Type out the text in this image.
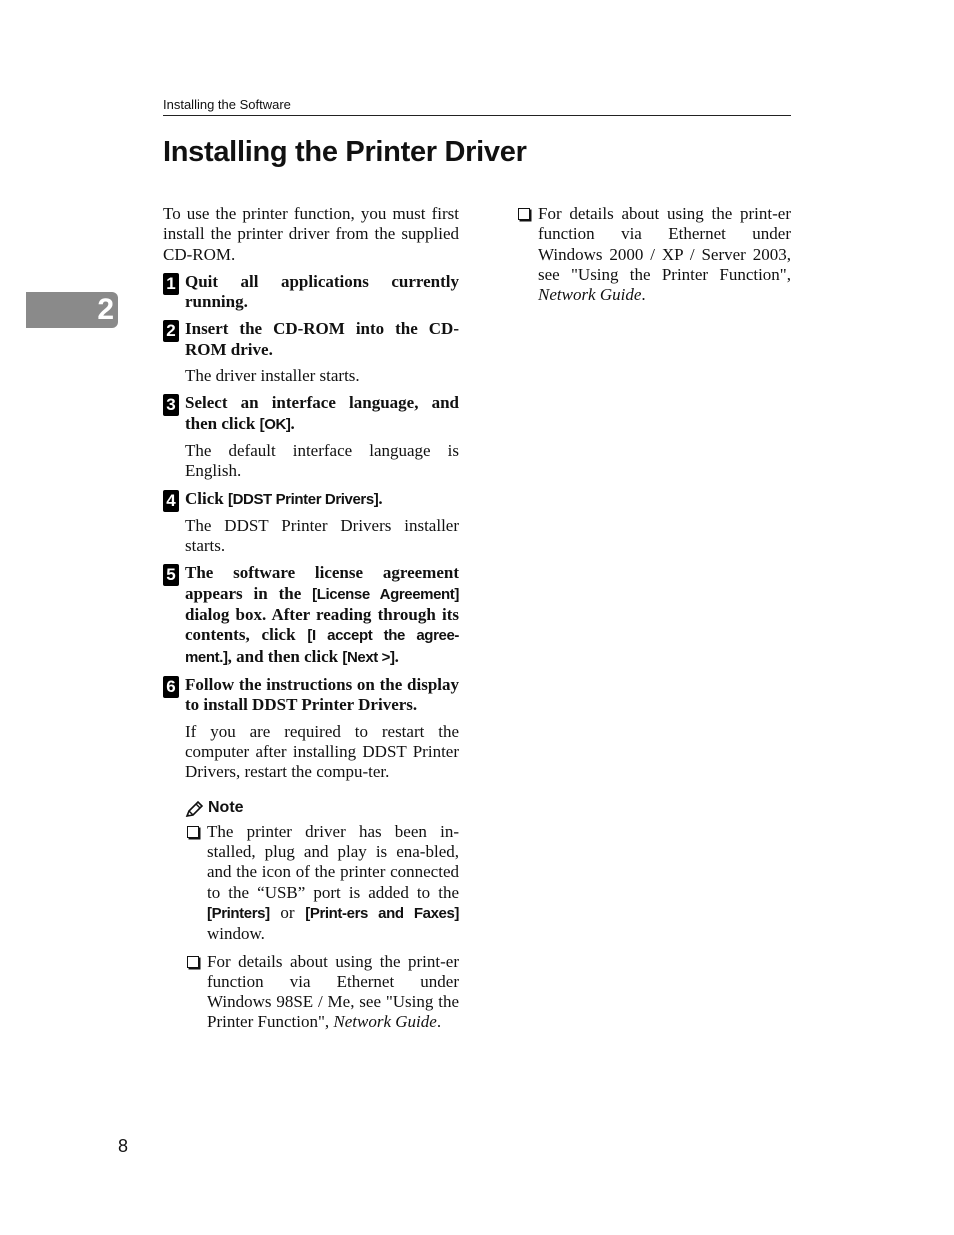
Installing the Software
Installing the Printer Driver
2

To use the printer function, you must first install the printer driver from the supplied CD-ROM.

1 Quit all applications currently running.

2 Insert the CD-ROM into the CD-ROM drive.

The driver installer starts.

3 Select an interface language, and then click [OK].

The default interface language is English.

4 Click [DDST Printer Drivers].

The DDST Printer Drivers installer starts.

5 The software license agreement appears in the [License Agreement] dialog box. After reading through its contents, click [I accept the agree-ment.], and then click [Next >].

6 Follow the instructions on the display to install DDST Printer Drivers.

If you are required to restart the computer after installing DDST Printer Drivers, restart the compu-ter.

Note
The printer driver has been in-stalled, plug and play is ena-bled, and the icon of the printer connected to the “USB” port is added to the [Printers] or [Print-ers and Faxes] window.
For details about using the print-er function via Ethernet under Windows 98SE / Me, see "Using the Printer Function", Network Guide.
For details about using the print-er function via Ethernet under Windows 2000 / XP / Server 2003, see "Using the Printer Function", Network Guide.
8
